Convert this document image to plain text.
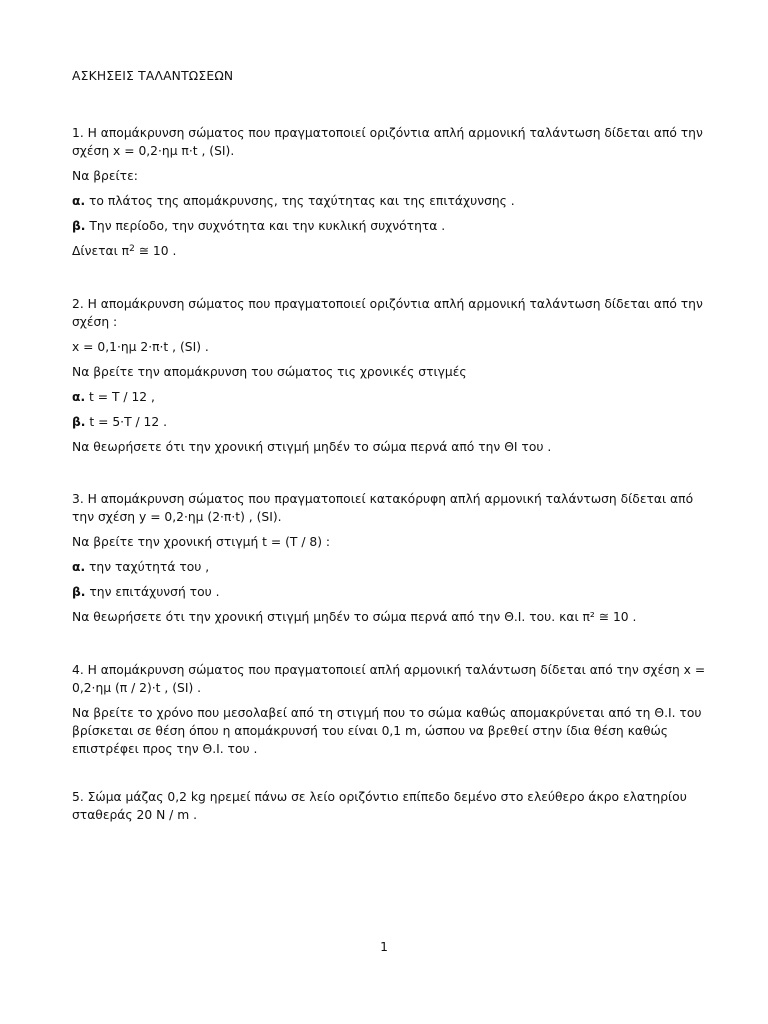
ΑΣΚΗΣΕΙΣ ΤΑΛΑΝΤΩΣΕΩΝ

1. Η απομάκρυνση σώματος που πραγματοποιεί οριζόντια απλή αρμονική ταλάντωση δίδεται από την σχέση x = 0,2·ημ π·t , (SI).

Να βρείτε:

α. το πλάτος της απομάκρυνσης, της ταχύτητας και της επιτάχυνσης .

β. Την περίοδο, την συχνότητα και την κυκλική συχνότητα .

Δίνεται $\pi^2$ ≅ 10 .

2. Η απομάκρυνση σώματος που πραγματοποιεί οριζόντια απλή αρμονική ταλάντωση δίδεται από την σχέση :

x = 0,1·ημ 2·π·t , (SI) .

Να βρείτε την απομάκρυνση του σώματος τις χρονικές στιγμές

α. t = T / 12 ,

β. t = 5·T / 12 .

Να θεωρήσετε ότι την χρονική στιγμή μηδέν το σώμα περνά από την ΘΙ του .

3. Η απομάκρυνση σώματος που πραγματοποιεί κατακόρυφη απλή αρμονική ταλάντωση δίδεται από την σχέση y = 0,2·ημ (2·π·t) , (SI).

Να βρείτε την χρονική στιγμή t = (T / 8) :

α. την ταχύτητά του ,

β. την επιτάχυνσή του .

Να θεωρήσετε ότι την χρονική στιγμή μηδέν το σώμα περνά από την Θ.Ι. του. και π² ≅ 10 .

4. Η απομάκρυνση σώματος που πραγματοποιεί απλή αρμονική ταλάντωση δίδεται από την σχέση x = 0,2·ημ (π / 2)·t , (SI) .

Να βρείτε το χρόνο που μεσολαβεί από τη στιγμή που το σώμα καθώς απομακρύνεται από τη Θ.Ι. του βρίσκεται σε θέση όπου η απομάκρυνσή του είναι 0,1 m, ώσπου να βρεθεί στην ίδια θέση καθώς επιστρέφει προς την Θ.Ι. του .

5. Σώμα μάζας 0,2 kg ηρεμεί πάνω σε λείο οριζόντιο επίπεδο δεμένο στο ελεύθερο άκρο ελατηρίου σταθεράς 20 N / m .

1
